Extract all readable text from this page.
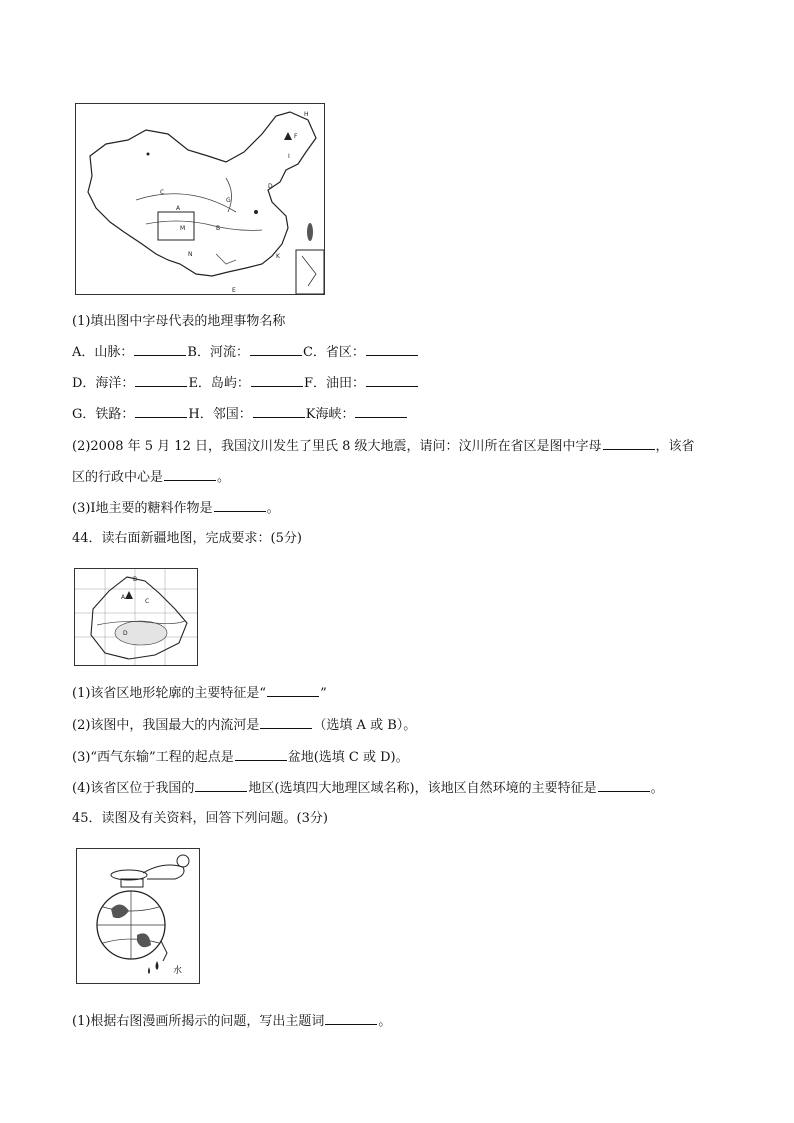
A
B
C
D
E
F
G
H
I
K
M
N
(1)填出图中字母代表的地理事物名称
A．山脉：	B．河流：	C．省区：
D．海洋：	E．岛屿：	F．油田：
G．铁路：	H．邻国：	K海峡：
(2)2008 年 5 月 12 日，我国汶川发生了里氏 8 级大地震，请问：汶川所在省区是图中字母	，该省
区的行政中心是	。
(3)Ⅰ地主要的糖料作物是	。
44．读右面新疆地图，完成要求：(5分)
A
B
C
D
(1)该省区地形轮廓的主要特征是“	”
(2)该图中，我国最大的内流河是	（选填 A 或 B）。
(3)“西气东输”工程的起点是	盆地(选填 C 或 D)。
(4)该省区位于我国的	地区(选填四大地理区域名称)，该地区自然环境的主要特征是	。
45．读图及有关资料，回答下列问题。(3分)
水
(1)根据右图漫画所揭示的问题，写出主题词	。
